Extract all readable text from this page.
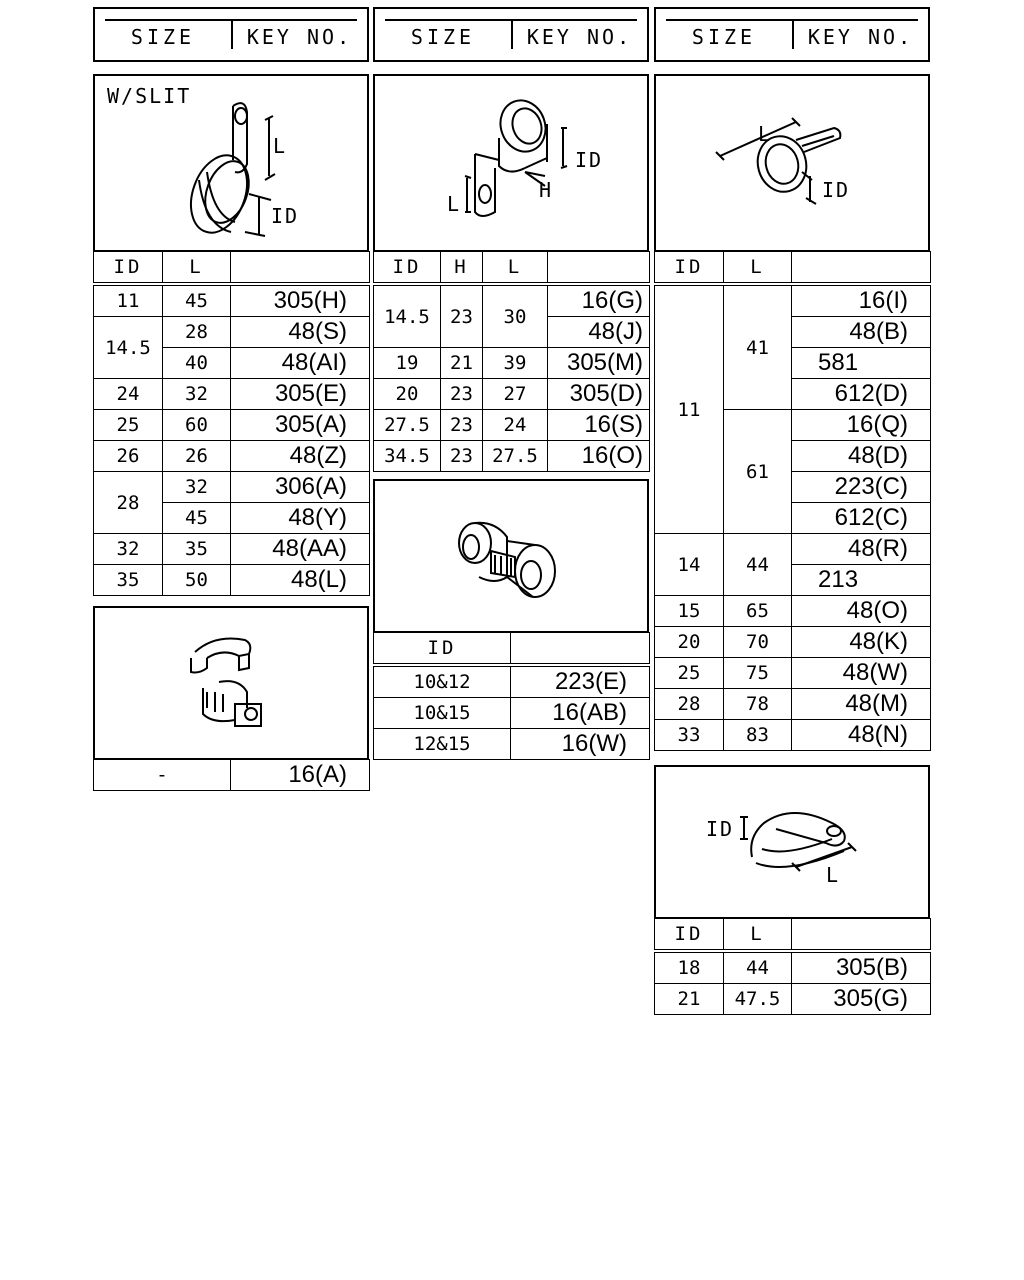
SIZE	KEY NO.	SIZE	KEY NO.	SIZE	KEY NO.
W/SLIT
L
ID
ID	L	
11	45	305(H)
14.5	28	48(S)
	40	48(AI)
24	32	305(E)
25	60	305(A)
26	26	48(Z)
28	32	306(A)
	45	48(Y)
32	35	48(AA)
35	50	48(L)
-	16(A)
ID
H
L
ID	H	L	
14.5	23	30	16(G)
			48(J)
19	21	39	305(M)
20	23	27	305(D)
27.5	23	24	16(S)
34.5	23	27.5	16(O)
ID	
10&12	223(E)
10&15	16(AB)
12&15	16(W)
L
ID
ID	L	
11	41	16(I)
		48(B)
		581
		612(D)
	61	16(Q)
		48(D)
		223(C)
		612(C)
14	44	48(R)
		213
15	65	48(O)
20	70	48(K)
25	75	48(W)
28	78	48(M)
33	83	48(N)
ID
L
ID	L	
18	44	305(B)
21	47.5	305(G)
